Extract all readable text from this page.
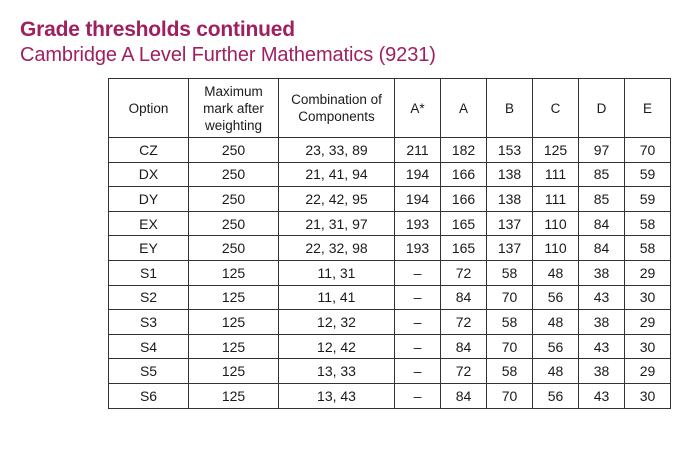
Grade thresholds continued
Cambridge A Level Further Mathematics (9231)
Option	Maximum mark after weighting	Combination of Components	A*	A	B	C	D	E
CZ	250	23, 33, 89	211	182	153	125	97	70
DX	250	21, 41, 94	194	166	138	111	85	59
DY	250	22, 42, 95	194	166	138	111	85	59
EX	250	21, 31, 97	193	165	137	110	84	58
EY	250	22, 32, 98	193	165	137	110	84	58
S1	125	11, 31	–	72	58	48	38	29
S2	125	11, 41	–	84	70	56	43	30
S3	125	12, 32	–	72	58	48	38	29
S4	125	12, 42	–	84	70	56	43	30
S5	125	13, 33	–	72	58	48	38	29
S6	125	13, 43	–	84	70	56	43	30
